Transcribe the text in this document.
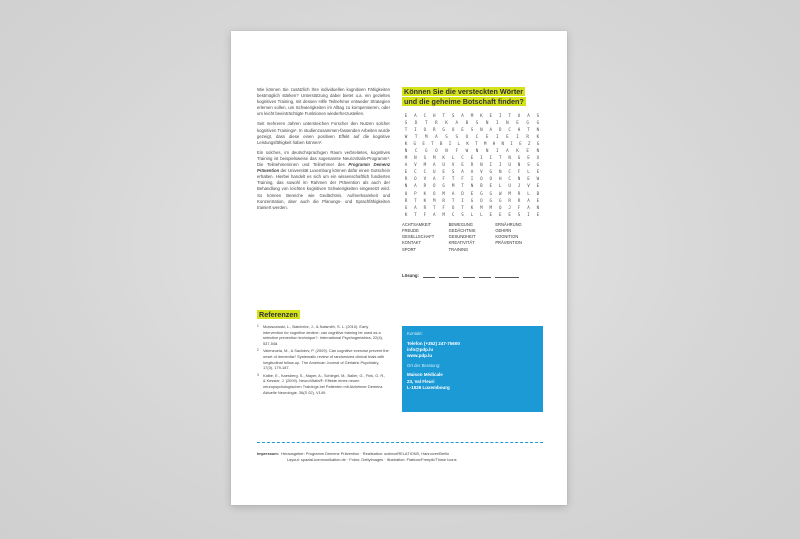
Wie können Sie zusätzlich Ihre individuellen kognitiven Fähigkeiten bestmöglich stärken? Unterstützung dabei bietet u.a. ein gezieltes kognitives Training, mit dessen Hilfe Teilnehmer entweder Strategien erlernen sollen, um Schwierigkeiten im Alltag zu kompensieren, oder um leicht beeinträchtigte Funktionen wiederherzustellen.

Seit mehreren Jahren untersteichen Forscher den Nutzen solcher kognitiven Trainings¹. In studienzusammen-fassenden Arbeiten wurde gezeigt, dass diese einen positiven Effekt auf die kognitive Leistungsfähigkeit haben können².

Ein solches, im deutschsprachigen Raum verbreitetes, kognitives Training ist beispielsweise das sogenannte NeuroVitalis-Programm³. Die Teilnehmerinnen und Teilnehmer des Programm Demenz Prävention der Universität Luxemburg können dafür einen Gutschein erhalten. Hierbei handelt es sich um ein wissenschaftlich fundiertes Training, das sowohl im Rahmen der Prävention als auch der Behandlung von leichten kognitiven Schwierigkeiten eingesetzt wird. So können Bereiche wie Gedächtnis, Aufmerksamkeit und Konzentration, aber auch die Planungs- und Sprachfähigkeiten trainiert werden.

Können Sie die versteckten Wörter
und die geheime Botschaft finden?
E	A	C	H	T	S	A	M	K	E	I	T	U	A	S
S	D	T	R	K	A	B	S	N	I	N	E	G	G
T	I	O	R	G	O	E	S	N	A	D	C	H	T	N
W	T	M	A	S	S	O	C	E	I	E	I	R	K
K	G	E	T	B	I	L	K	T	M	H	N	I	E	Z	G
N	C	G	O	N	F	W	N	N	I	A	K	E	N
M	N	S	M	K	L	C	E	I	I	T	N	G	E	U
A	V	M	A	U	V	E	R	N	I	I	U	N	S	G
E	C	C	U	E	S	A	A	V	G	N	C	F	L	E
R	O	V	A	F	T	F	I	O	O	H	C	N	E	W
N	A	R	O	G	M	T	N	B	E	L	U	J	V	E
U	P	K	O	M	A	D	E	G	G	W	M	R	L	B
R	T	K	M	R	T	I	G	O	G	G	R	R	A	E
G	A	R	T	F	O	T	K	M	M	Q	J	F	A	N
K	T	F	A	M	C	S	L	L	E	E	E	S	I	E
ACHTSAMKEIT	BEWEGUNG	ERNÄHRUNG
FREUDE	GEDÄCHTNIS	GEHIRN
GESELLSCHAFT	GESUNDHEIT	KOGNITION
KONTAKT	KREATIVITÄT	PRÄVENTION
SPORT	TRAINING
Lösung:
Referenzen
1	Mowszowski, L., Batchelor, J., & Naismith, S. L. (2010). Early intervention for cognitive decline: can cognitive training be used as a selective prevention technique?. International Psychogeriatrics, 22(4), 537-548.
2	Valenzuela, M., & Sachdev, P. (2009). Can cognitive exercise prevent the onset of dementia? Systematic review of randomized clinical trials with longitudinal follow-up. The American Journal of Geriatric Psychiatry, 17(3), 179-187.
3	Kalbe, E., Kaesberg, S., Mayer, A., Schlegel, M., Baller, G., Fink, G. R., & Kessler, J. (2009). NeuroVitalis®: Effekte eines neuen neuropsychologischen Trainings bei Patienten mit Alzheimer Demenz. Aktuelle Neurologie, 36(S 02), V149.
Kontakt:
Telefon (+352) 247-75600
info@pdp.lu
www.pdp.lu
Ort der Beratung:
Maison Médicale
23, Val Fleuri
L-1526 Luxembourg
Impressum: Herausgeber: Programm Demenz Prävention · Realisation: scienceRELATIONS, Hannover/Berlin
Layout: spazial-kommunikation.de · Fotos: GettyImages · Illustration: Flaticon/Freepik/Those Icons
